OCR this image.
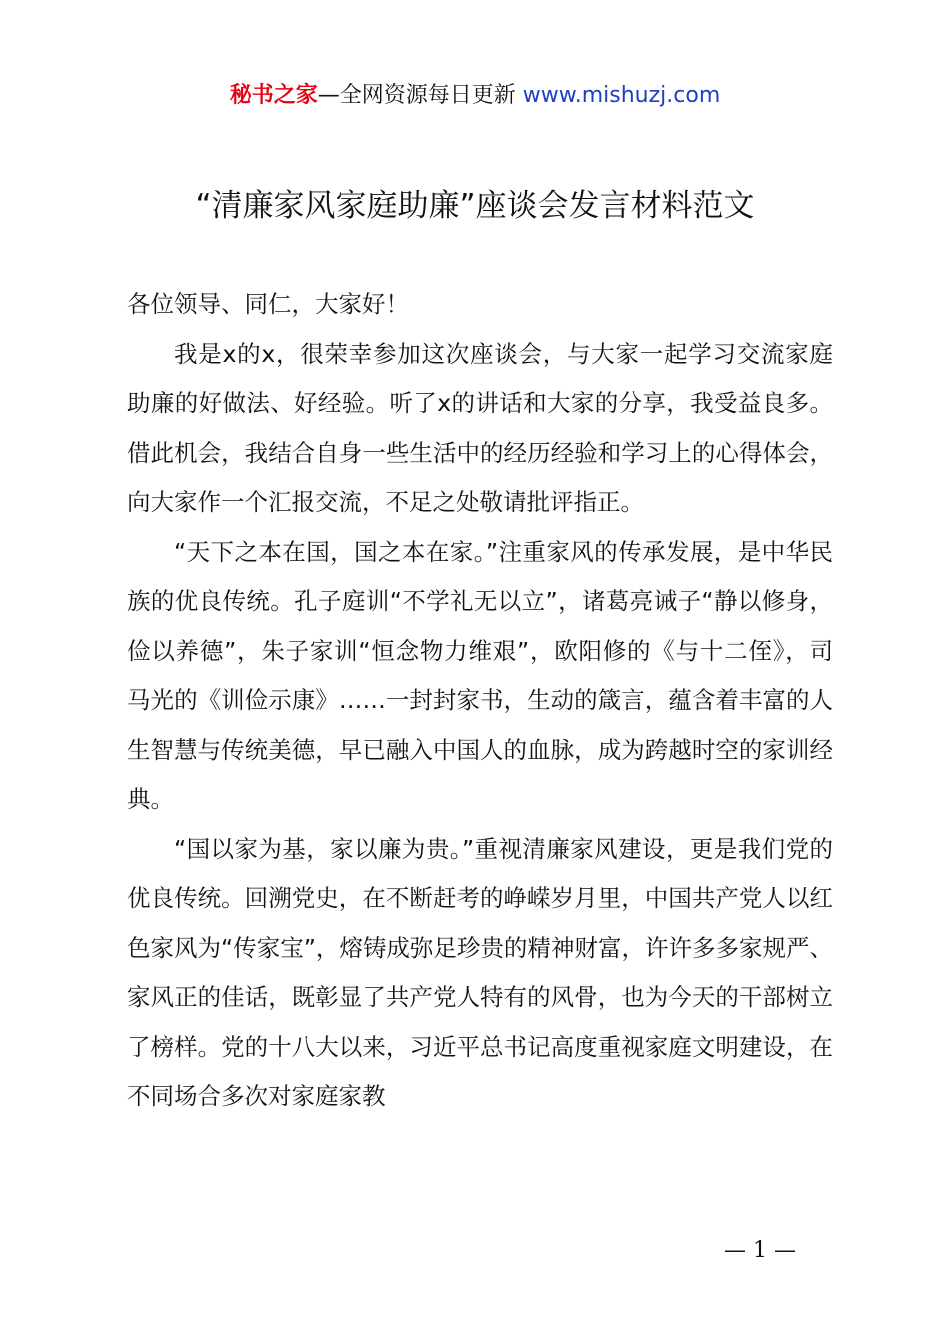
秘书之家—全网资源每日更新 www.mishuzj.com
“清廉家风家庭助廉”座谈会发言材料范文

各位领导、同仁，大家好！

我是x的x，很荣幸参加这次座谈会，与大家一起学习交流家庭助廉的好做法、好经验。听了x的讲话和大家的分享，我受益良多。借此机会，我结合自身一些生活中的经历经验和学习上的心得体会，向大家作一个汇报交流，不足之处敬请批评指正。

“天下之本在国，国之本在家。”注重家风的传承发展，是中华民族的优良传统。孔子庭训“不学礼无以立”，诸葛亮诫子“静以修身，俭以养德”，朱子家训“恒念物力维艰”，欧阳修的《与十二侄》，司马光的《训俭示康》……一封封家书，生动的箴言，蕴含着丰富的人生智慧与传统美德，早已融入中国人的血脉，成为跨越时空的家训经典。

“国以家为基，家以廉为贵。”重视清廉家风建设，更是我们党的优良传统。回溯党史，在不断赶考的峥嵘岁月里，中国共产党人以红色家风为“传家宝”，熔铸成弥足珍贵的精神财富，许许多多家规严、家风正的佳话，既彰显了共产党人特有的风骨，也为今天的干部树立了榜样。党的十八大以来，习近平总书记高度重视家庭文明建设，在不同场合多次对家庭家教

— 1 —
